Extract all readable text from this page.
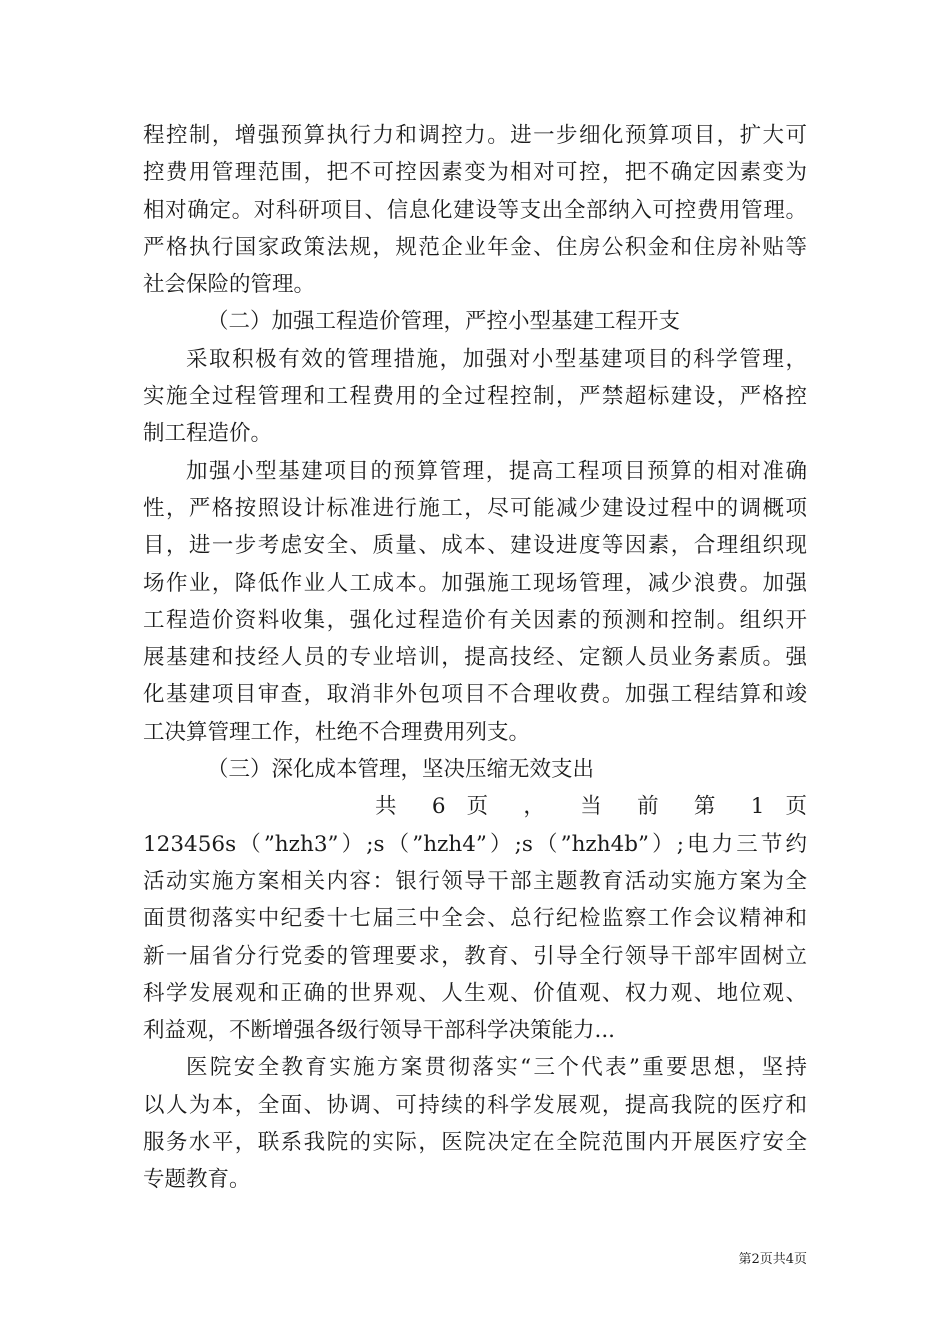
程控制，增强预算执行力和调控力。进一步细化预算项目，扩大可
控费用管理范围，把不可控因素变为相对可控，把不确定因素变为
相对确定。对科研项目、信息化建设等支出全部纳入可控费用管理。
严格执行国家政策法规，规范企业年金、住房公积金和住房补贴等
社会保险的管理。
（二）加强工程造价管理，严控小型基建工程开支
采取积极有效的管理措施，加强对小型基建项目的科学管理，
实施全过程管理和工程费用的全过程控制，严禁超标建设，严格控
制工程造价。
加强小型基建项目的预算管理，提高工程项目预算的相对准确
性，严格按照设计标准进行施工，尽可能减少建设过程中的调概项
目，进一步考虑安全、质量、成本、建设进度等因素，合理组织现
场作业，降低作业人工成本。加强施工现场管理，减少浪费。加强
工程造价资料收集，强化过程造价有关因素的预测和控制。组织开
展基建和技经人员的专业培训，提高技经、定额人员业务素质。强
化基建项目审查，取消非外包项目不合理收费。加强工程结算和竣
工决算管理工作，杜绝不合理费用列支。
（三）深化成本管理，坚决压缩无效支出
共 6 页 ， 当 前 第 1 页
123456s（”hzh3”）;s（”hzh4”）;s（”hzh4b”）;电力三节约
活动实施方案相关内容：银行领导干部主题教育活动实施方案为全
面贯彻落实中纪委十七届三中全会、总行纪检监察工作会议精神和
新一届省分行党委的管理要求，教育、引导全行领导干部牢固树立
科学发展观和正确的世界观、人生观、价值观、权力观、地位观、
利益观，不断增强各级行领导干部科学决策能力...
医院安全教育实施方案贯彻落实“三个代表”重要思想，坚持
以人为本，全面、协调、可持续的科学发展观，提高我院的医疗和
服务水平，联系我院的实际，医院决定在全院范围内开展医疗安全
专题教育。
第2页共4页
